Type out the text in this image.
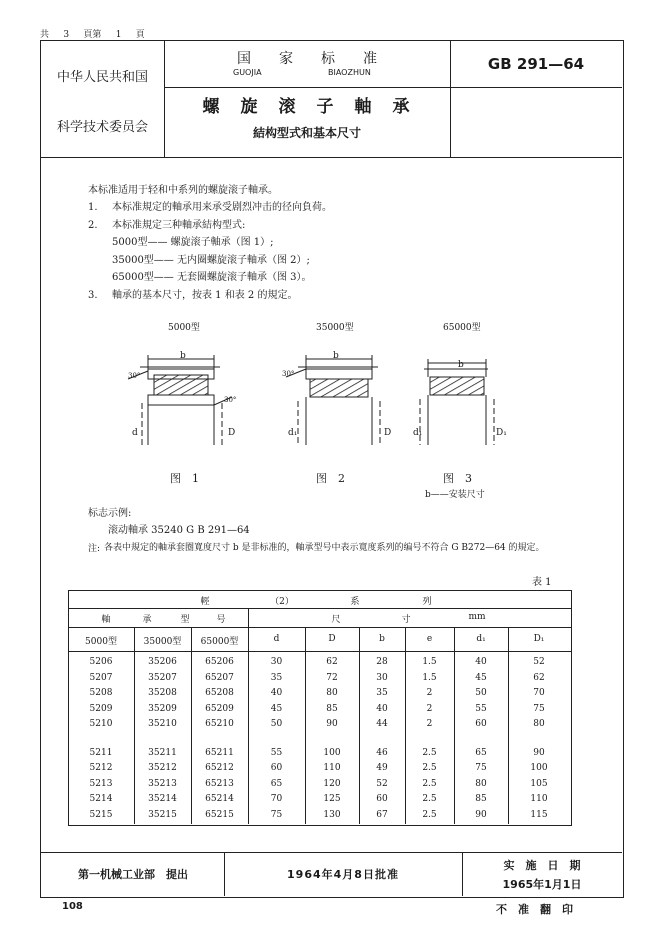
共 3 頁第 1 頁
中华人民共和国
科学技术委员会
国　　家　　标　　准
GUOJIA	BIAOZHUN	GB 291—64
螺　旋　滚　子　軸　承
結构型式和基本尺寸
本标准适用于轻和中系列的螺旋滚子軸承。
1. 本标准規定的軸承用来承受剧烈冲击的径向負荷。
2. 本标准規定三种軸承結构型式:
5000型—— 螺旋滚子軸承（图 1）;
35000型—— 无内圈螺旋滚子軸承（图 2）;
65000型—— 无套圈螺旋滚子軸承（图 3）。
3. 軸承的基本尺寸，按表 1 和表 2 的規定。
5000型	35000型	65000型
b
30°
30°
d	D
b
30°
d₁	D
b
d₁	D₁
图　1	图　2	图　3
b——安装尺寸
标志示例:
滚动軸承 35240 G B 291—64
注: 各表中規定的軸承套圈寬度尺寸 b 是非标准的，軸承型号中表示寬度系列的编号不符合 G B272—64 的規定。
表 1
輕	（2）	系	列
軸	承	型	号	尺	寸	mm
5000型	35000型	65000型	d	D	b	e	d₁	D₁
5206	35206	65206	30	62	28	1.5	40	52
5207	35207	65207	35	72	30	1.5	45	62
5208	35208	65208	40	80	35	2	50	70
5209	35209	65209	45	85	40	2	55	75
5210	35210	65210	50	90	44	2	60	80
5211	35211	65211	55	100	46	2.5	65	90
5212	35212	65212	60	110	49	2.5	75	100
5213	35213	65213	65	120	52	2.5	80	105
5214	35214	65214	70	125	60	2.5	85	110
5215	35215	65215	75	130	67	2.5	90	115
第一机械工业部　提出	1964年4月8日批准
实　施　日　期
1965年1月1日
108	不　准　翻　印
